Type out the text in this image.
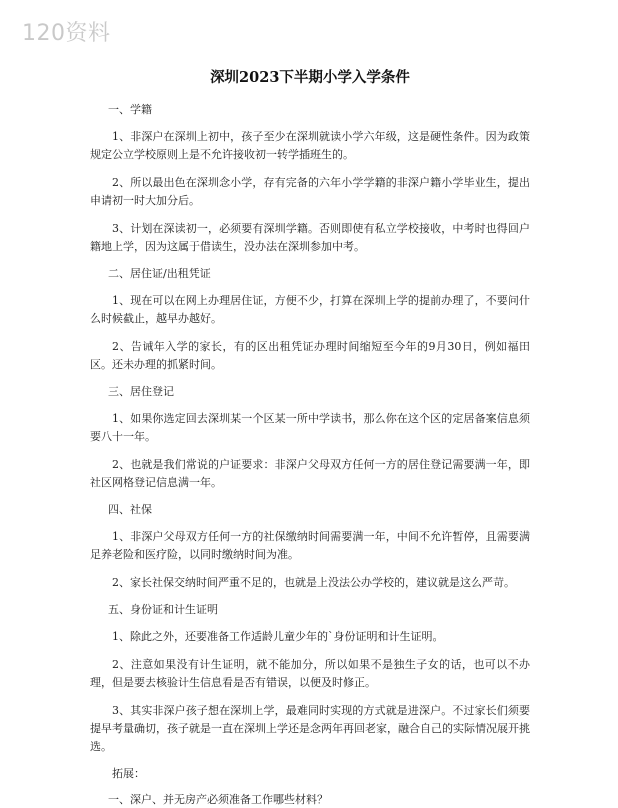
120资料
深圳2023下半期小学入学条件
一、学籍

1、非深户在深圳上初中，孩子至少在深圳就读小学六年级，这是硬性条件。因为政策规定公立学校原则上是不允许接收初一转学插班生的。

2、所以最出色在深圳念小学，存有完备的六年小学学籍的非深户籍小学毕业生，提出申请初一时大加分后。

3、计划在深读初一，必须要有深圳学籍。否则即使有私立学校接收，中考时也得回户籍地上学，因为这属于借读生，没办法在深圳参加中考。

二、居住证/出租凭证

1、现在可以在网上办理居住证，方便不少，打算在深圳上学的提前办理了，不要问什么时候截止，越早办越好。

2、告诫年入学的家长，有的区出租凭证办理时间缩短至今年的9月30日，例如福田区。还未办理的抓紧时间。

三、居住登记

1、如果你选定回去深圳某一个区某一所中学读书，那么你在这个区的定居备案信息须要八十一年。

2、也就是我们常说的户证要求：非深户父母双方任何一方的居住登记需要满一年，即社区网格登记信息满一年。

四、社保

1、非深户父母双方任何一方的社保缴纳时间需要满一年，中间不允许暂停，且需要满足养老险和医疗险，以同时缴纳时间为准。

2、家长社保交纳时间严重不足的，也就是上没法公办学校的，建议就是这么严苛。

五、身份证和计生证明

1、除此之外，还要准备工作适龄儿童少年的`身份证明和计生证明。

2、注意如果没有计生证明，就不能加分，所以如果不是独生子女的话，也可以不办理，但是要去核验计生信息看是否有错误，以便及时修正。

3、其实非深户孩子想在深圳上学，最难同时实现的方式就是进深户。不过家长们须要提早考量确切，孩子就是一直在深圳上学还是念两年再回老家，融合自己的实际情况展开挑选。

拓展：
一、深户、并无房产必须准备工作哪些材料？
